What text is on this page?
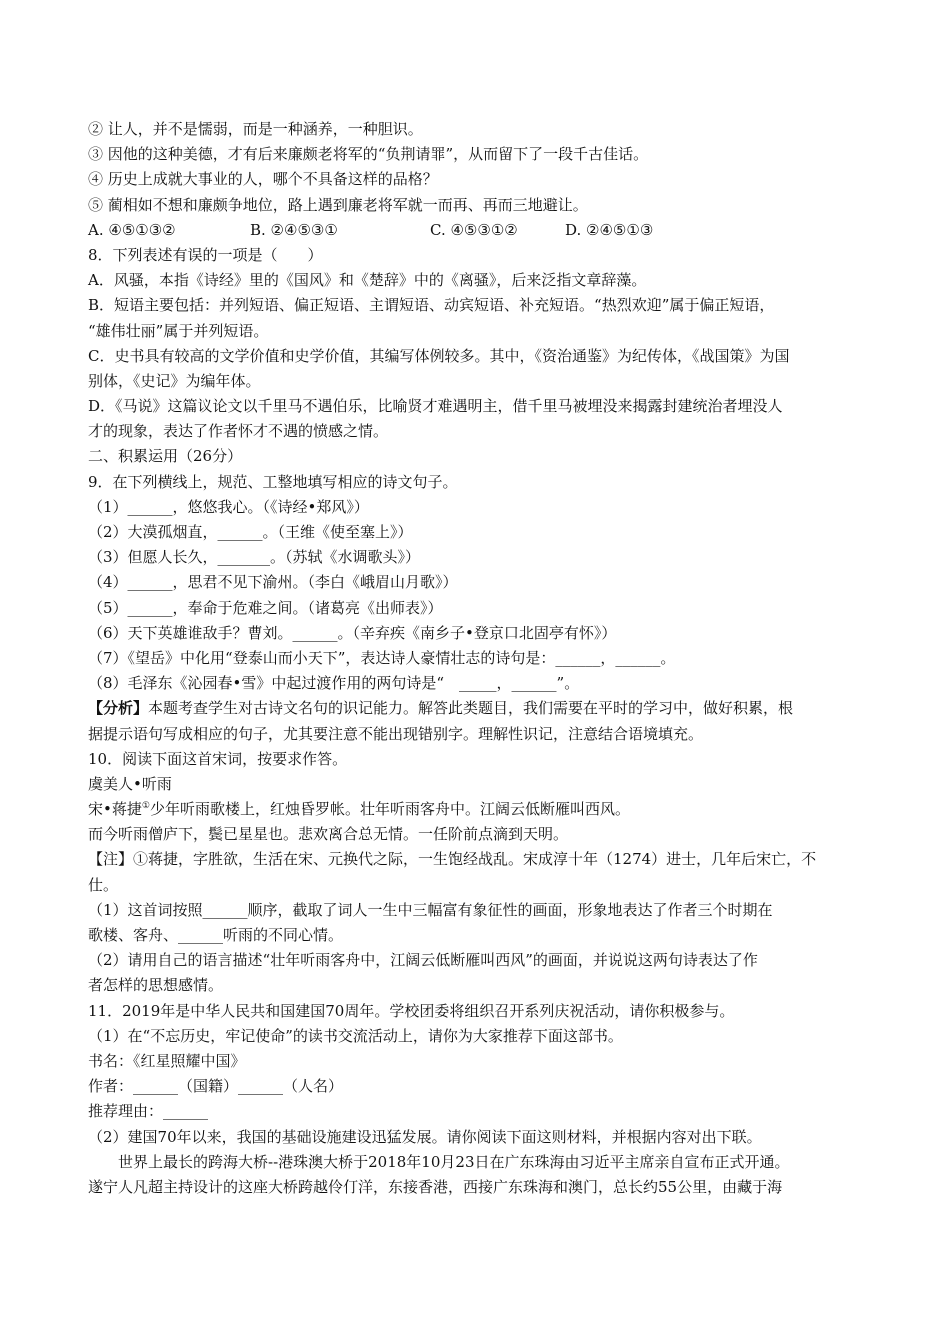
② 让人，并不是懦弱，而是一种涵养，一种胆识。
③ 因他的这种美德，才有后来廉颇老将军的“负荆请罪”，从而留下了一段千古佳话。
④ 历史上成就大事业的人，哪个不具备这样的品格？
⑤ 蔺相如不想和廉颇争地位，路上遇到廉老将军就一而再、再而三地避让。
A. ④⑤①③②	B. ②④⑤③①	C. ④⑤③①②	D. ②④⑤①③
8．下列表述有误的一项是（　　）
A．风骚，本指《诗经》里的《国风》和《楚辞》中的《离骚》，后来泛指文章辞藻。
B．短语主要包括：并列短语、偏正短语、主谓短语、动宾短语、补充短语。“热烈欢迎”属于偏正短语，
“雄伟壮丽”属于并列短语。
C．史书具有较高的文学价值和史学价值，其编写体例较多。其中，《资治通鉴》为纪传体，《战国策》为国
别体，《史记》为编年体。
D．《马说》这篇议论文以千里马不遇伯乐，比喻贤才难遇明主，借千里马被埋没来揭露封建统治者埋没人
才的现象，表达了作者怀才不遇的愤感之情。
二、积累运用（26分）
9．在下列横线上，规范、工整地填写相应的诗文句子。
（1）______，悠悠我心。（《诗经•郑风》）
（2）大漠孤烟直，______。（王维《使至塞上》）
（3）但愿人长久，_______。（苏轼《水调歌头》）
（4）______，思君不见下渝州。（李白《峨眉山月歌》）
（5）______，奉命于危难之间。（诸葛亮《出师表》）
（6）天下英雄谁敌手？曹刘。______。（辛弃疾《南乡子•登京口北固亭有怀》）
（7）《望岳》中化用“登泰山而小天下”，表达诗人豪情壮志的诗句是：______，______。
（8）毛泽东《沁园春•雪》中起过渡作用的两句诗是“　_____，______”。
【分析】本题考查学生对古诗文名句的识记能力。解答此类题目，我们需要在平时的学习中，做好积累，根
据提示语句写成相应的句子，尤其要注意不能出现错别字。理解性识记，注意结合语境填充。
10．阅读下面这首宋词，按要求作答。
虞美人•听雨
宋•蒋捷①少年听雨歌楼上，红烛昏罗帐。壮年听雨客舟中。江阔云低断雁叫西风。
而今听雨僧庐下，鬓已星星也。悲欢离合总无情。一任阶前点滴到天明。
【注】①蒋捷，字胜欲，生活在宋、元换代之际，一生饱经战乱。宋成淳十年（1274）进士，几年后宋亡，不
仕。
（1）这首词按照______顺序，截取了词人一生中三幅富有象征性的画面，形象地表达了作者三个时期在
歌楼、客舟、______听雨的不同心情。
（2）请用自己的语言描述“壮年听雨客舟中，江阔云低断雁叫西风”的画面，并说说这两句诗表达了作
者怎样的思想感情。
11．2019年是中华人民共和国建国70周年。学校团委将组织召开系列庆祝活动，请你积极参与。
（1）在“不忘历史，牢记使命”的读书交流活动上，请你为大家推荐下面这部书。
书名：《红星照耀中国》
作者：______（国籍）______（人名）
推荐理由：______
（2）建国70年以来，我国的基础设施建设迅猛发展。请你阅读下面这则材料，并根据内容对出下联。
世界上最长的跨海大桥--港珠澳大桥于2018年10月23日在广东珠海由习近平主席亲自宣布正式开通。
遂宁人凡超主持设计的这座大桥跨越伶仃洋，东接香港，西接广东珠海和澳门，总长约55公里，由藏于海
